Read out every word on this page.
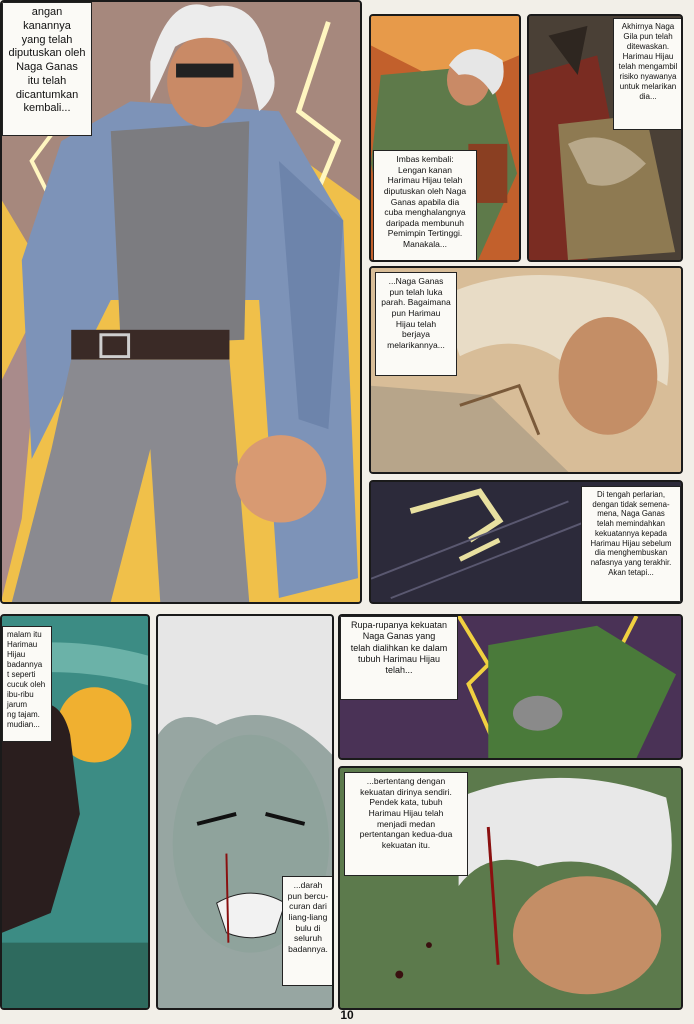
angan kanannya
yang telah
diputuskan oleh
Naga Ganas
itu telah
dicantumkan
kembali...
Imbas kembali:
Lengan kanan
Harimau Hijau telah
diputuskan oleh Naga
Ganas apabila dia
cuba menghalangnya
daripada membunuh
Pemimpin Tertinggi.
Manakala...
Akhirnya Naga
Gila pun telah
ditewaskan.
Harimau Hijau
telah mengambil
risiko nyawanya
untuk melarikan
dia...
...Naga Ganas
pun telah luka
parah. Bagaimana
pun Harimau
Hijau telah
berjaya
melarikannya...
Di tengah perlarian,
dengan tidak semena-
mena, Naga Ganas
telah memindahkan
kekuatannya kepada
Harimau Hijau sebelum
dia menghembuskan
nafasnya yang terakhir.
Akan tetapi...
malam itu
Harimau Hijau
badannya
t seperti
cucuk oleh
ibu-ribu
jarum
ng tajam.
mudian...
...darah
pun bercu-
curan dari
liang-liang
bulu di
seluruh
badannya.
Rupa-rupanya kekuatan
Naga Ganas yang
telah dialihkan ke dalam
tubuh Harimau Hijau
telah...
...bertentang dengan
kekuatan dirinya sendiri.
Pendek kata, tubuh
Harimau Hijau telah
menjadi medan
pertentangan kedua-dua
kekuatan itu.
10
